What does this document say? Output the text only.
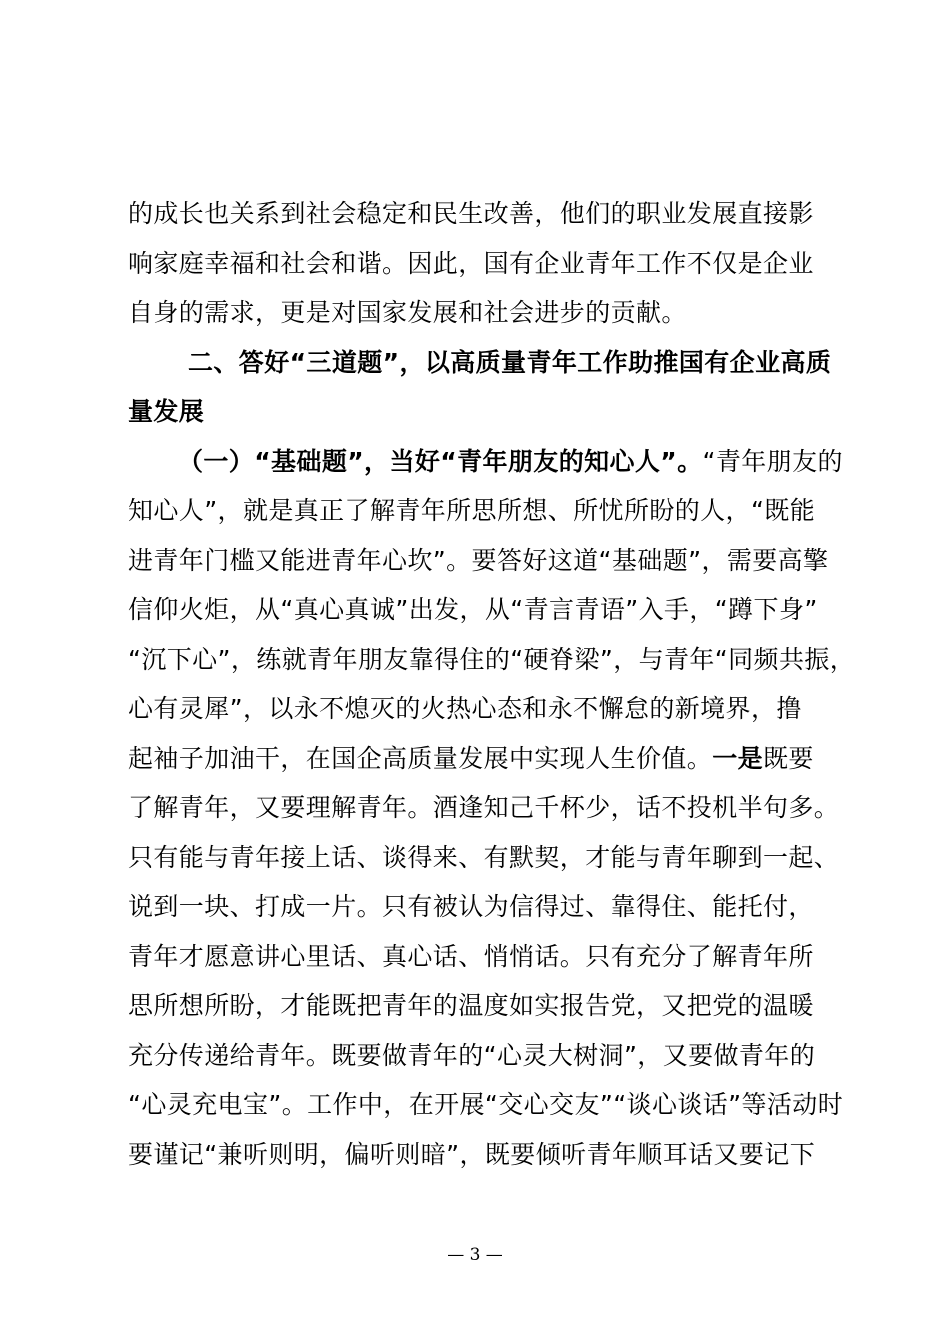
的成长也关系到社会稳定和民生改善，他们的职业发展直接影
响家庭幸福和社会和谐。因此，国有企业青年工作不仅是企业
自身的需求，更是对国家发展和社会进步的贡献。
二、答好“三道题”，以高质量青年工作助推国有企业高质
量发展
（一）“基础题”，当好“青年朋友的知心人”。“青年朋友的
知心人”，就是真正了解青年所思所想、所忧所盼的人，“既能
进青年门槛又能进青年心坎”。要答好这道“基础题”，需要高擎
信仰火炬，从“真心真诚”出发，从“青言青语”入手，“蹲下身”
“沉下心”，练就青年朋友靠得住的“硬脊梁”，与青年“同频共振，
心有灵犀”，以永不熄灭的火热心态和永不懈怠的新境界，撸
起袖子加油干，在国企高质量发展中实现人生价值。一是既要
了解青年，又要理解青年。酒逢知己千杯少，话不投机半句多。
只有能与青年接上话、谈得来、有默契，才能与青年聊到一起、
说到一块、打成一片。只有被认为信得过、靠得住、能托付，
青年才愿意讲心里话、真心话、悄悄话。只有充分了解青年所
思所想所盼，才能既把青年的温度如实报告党，又把党的温暖
充分传递给青年。既要做青年的“心灵大树洞”，又要做青年的
“心灵充电宝”。工作中，在开展“交心交友”“谈心谈话”等活动时
要谨记“兼听则明，偏听则暗”，既要倾听青年顺耳话又要记下
— 3 —
